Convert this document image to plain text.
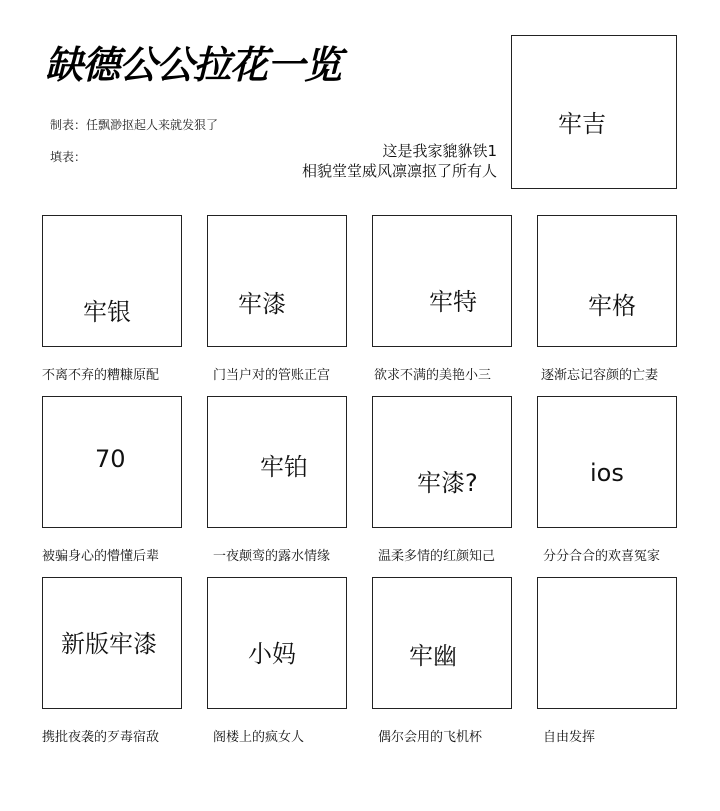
缺德公公拉花一览
制表：任飘渺抠起人来就发狠了
填表：	这是我家貔貅铁1
相貌堂堂威风凛凛抠了所有人
牢吉
牢银
不离不弃的糟糠原配
牢漆
门当户对的管账正宫
牢特
欲求不满的美艳小三
牢格
逐渐忘记容颜的亡妻
70
被骗身心的懵懂后辈
牢铂
一夜颠鸾的露水情缘
牢漆?
温柔多情的红颜知己
ios
分分合合的欢喜冤家
新版牢漆
携批夜袭的歹毒宿敌
小妈
阁楼上的疯女人
牢幽
偶尔会用的飞机杯	自由发挥
